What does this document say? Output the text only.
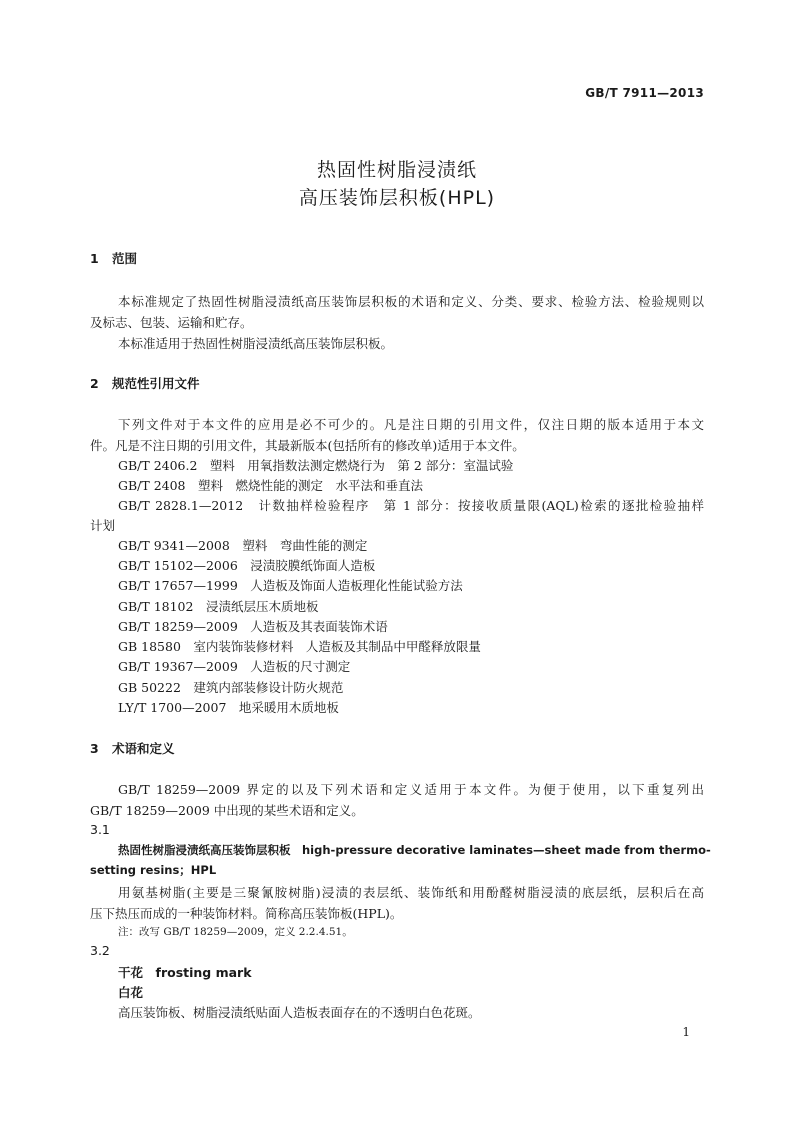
GB/T 7911—2013
热固性树脂浸渍纸
高压装饰层积板(HPL)
1 范围
本标准规定了热固性树脂浸渍纸高压装饰层积板的术语和定义、分类、要求、检验方法、检验规则以
及标志、包装、运输和贮存。
本标准适用于热固性树脂浸渍纸高压装饰层积板。
2 规范性引用文件
下列文件对于本文件的应用是必不可少的。凡是注日期的引用文件，仅注日期的版本适用于本文
件。凡是不注日期的引用文件，其最新版本(包括所有的修改单)适用于本文件。
GB/T 2406.2　塑料　用氧指数法测定燃烧行为　第 2 部分：室温试验
GB/T 2408　塑料　燃烧性能的测定　水平法和垂直法
GB/T 2828.1—2012　计数抽样检验程序　第 1 部分：按接收质量限(AQL)检索的逐批检验抽样
计划
GB/T 9341—2008　塑料　弯曲性能的测定
GB/T 15102—2006　浸渍胶膜纸饰面人造板
GB/T 17657—1999　人造板及饰面人造板理化性能试验方法
GB/T 18102　浸渍纸层压木质地板
GB/T 18259—2009　人造板及其表面装饰术语
GB 18580　室内装饰装修材料　人造板及其制品中甲醛释放限量
GB/T 19367—2009　人造板的尺寸测定
GB 50222　建筑内部装修设计防火规范
LY/T 1700—2007　地采暖用木质地板
3 术语和定义
GB/T 18259—2009 界定的以及下列术语和定义适用于本文件。为便于使用，以下重复列出
GB/T 18259—2009 中出现的某些术语和定义。
3.1
热固性树脂浸渍纸高压装饰层积板　high-pressure decorative laminates—sheet made from thermo-
setting resins；HPL
用氨基树脂(主要是三聚氰胺树脂)浸渍的表层纸、装饰纸和用酚醛树脂浸渍的底层纸，层积后在高
压下热压而成的一种装饰材料。简称高压装饰板(HPL)。
注：改写 GB/T 18259—2009，定义 2.2.4.51。
3.2
干花　frosting mark
白花
高压装饰板、树脂浸渍纸贴面人造板表面存在的不透明白色花斑。
1
